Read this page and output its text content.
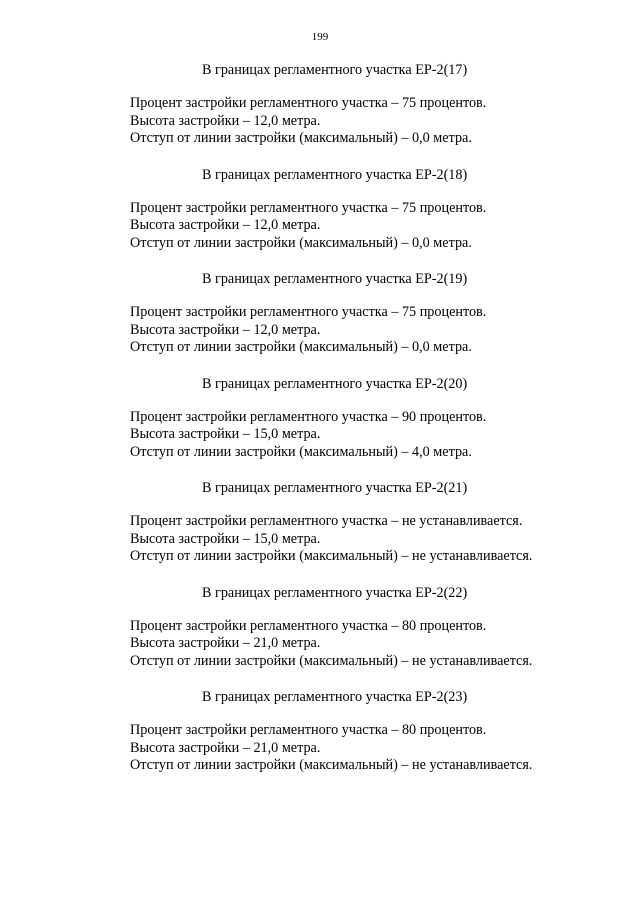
199

В границах регламентного участка ЕР-2(17)

Процент застройки регламентного участка – 75 процентов.
Высота застройки – 12,0 метра.
Отступ от линии застройки (максимальный) – 0,0 метра.

В границах регламентного участка ЕР-2(18)

Процент застройки регламентного участка – 75 процентов.
Высота застройки – 12,0 метра.
Отступ от линии застройки (максимальный) – 0,0 метра.

В границах регламентного участка ЕР-2(19)

Процент застройки регламентного участка – 75 процентов.
Высота застройки – 12,0 метра.
Отступ от линии застройки (максимальный) – 0,0 метра.

В границах регламентного участка ЕР-2(20)

Процент застройки регламентного участка – 90 процентов.
Высота застройки – 15,0 метра.
Отступ от линии застройки (максимальный) – 4,0 метра.

В границах регламентного участка ЕР-2(21)

Процент застройки регламентного участка – не устанавливается.
Высота застройки – 15,0 метра.
Отступ от линии застройки (максимальный) – не устанавливается.

В границах регламентного участка ЕР-2(22)

Процент застройки регламентного участка – 80 процентов.
Высота застройки – 21,0 метра.
Отступ от линии застройки (максимальный) – не устанавливается.

В границах регламентного участка ЕР-2(23)

Процент застройки регламентного участка – 80 процентов.
Высота застройки – 21,0 метра.
Отступ от линии застройки (максимальный) – не устанавливается.
